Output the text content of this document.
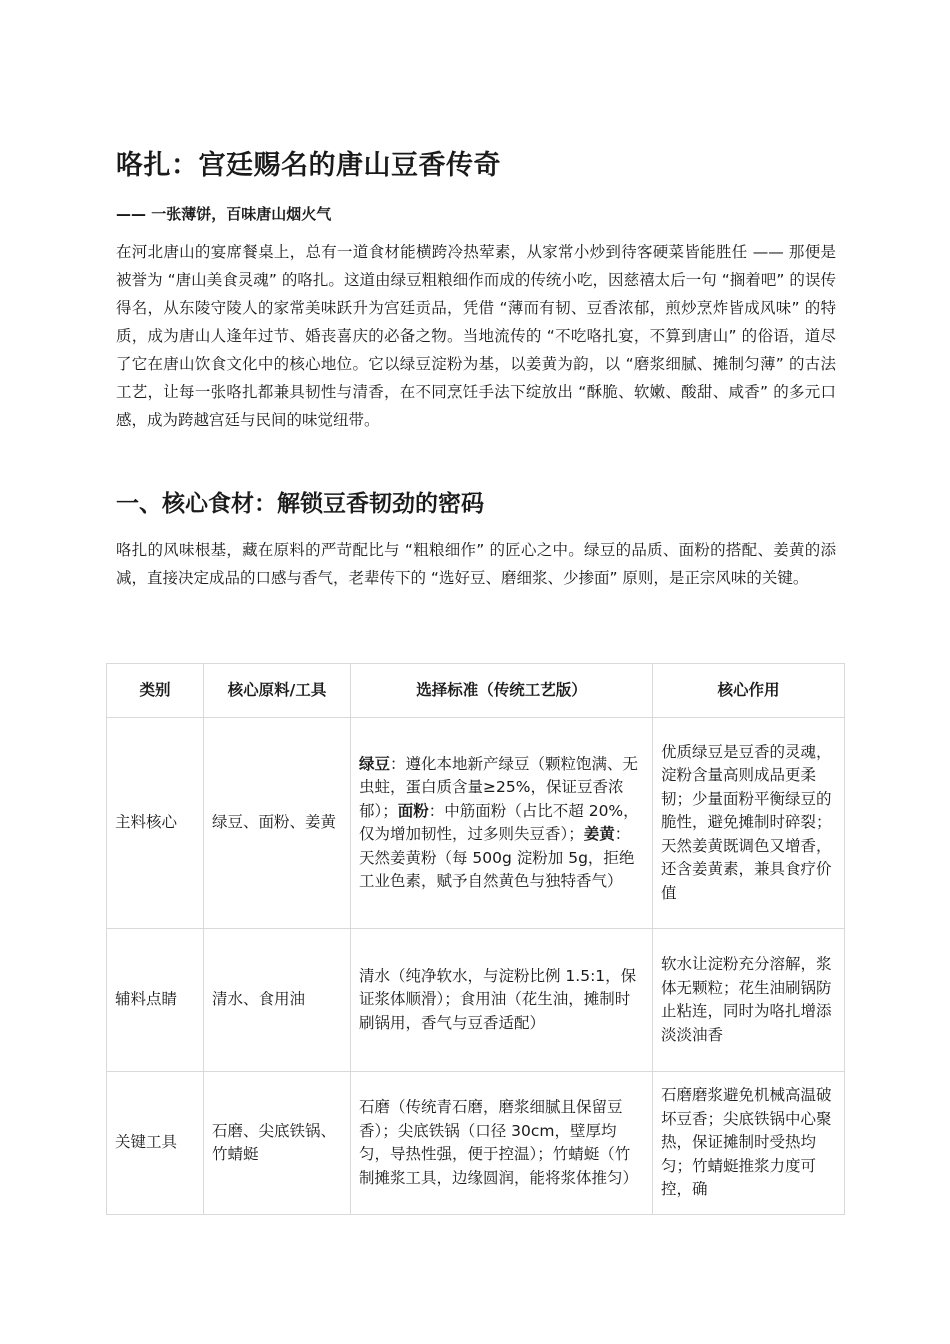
咯扎：宫廷赐名的唐山豆香传奇

—— 一张薄饼，百味唐山烟火气

在河北唐山的宴席餐桌上，总有一道食材能横跨冷热荤素，从家常小炒到待客硬菜皆能胜任 —— 那便是被誉为 “唐山美食灵魂” 的咯扎。这道由绿豆粗粮细作而成的传统小吃，因慈禧太后一句 “搁着吧” 的误传得名，从东陵守陵人的家常美味跃升为宫廷贡品，凭借 “薄而有韧、豆香浓郁，煎炒烹炸皆成风味” 的特质，成为唐山人逢年过节、婚丧喜庆的必备之物。当地流传的 “不吃咯扎宴，不算到唐山” 的俗语，道尽了它在唐山饮食文化中的核心地位。它以绿豆淀粉为基，以姜黄为韵，以 “磨浆细腻、摊制匀薄” 的古法工艺，让每一张咯扎都兼具韧性与清香，在不同烹饪手法下绽放出 “酥脆、软嫩、酸甜、咸香” 的多元口感，成为跨越宫廷与民间的味觉纽带。

一、核心食材：解锁豆香韧劲的密码

咯扎的风味根基，藏在原料的严苛配比与 “粗粮细作” 的匠心之中。绿豆的品质、面粉的搭配、姜黄的添减，直接决定成品的口感与香气，老辈传下的 “选好豆、磨细浆、少掺面” 原则，是正宗风味的关键。

类别	核心原料/工具	选择标准（传统工艺版）	核心作用
主料核心	绿豆、面粉、姜黄	绿豆：遵化本地新产绿豆（颗粒饱满、无虫蛀，蛋白质含量≥25%，保证豆香浓郁）；面粉：中筋面粉（占比不超 20%，仅为增加韧性，过多则失豆香）；姜黄：天然姜黄粉（每 500g 淀粉加 5g，拒绝工业色素，赋予自然黄色与独特香气）	优质绿豆是豆香的灵魂，淀粉含量高则成品更柔韧；少量面粉平衡绿豆的脆性，避免摊制时碎裂；天然姜黄既调色又增香，还含姜黄素，兼具食疗价值
辅料点睛	清水、食用油	清水（纯净软水，与淀粉比例 1.5:1，保证浆体顺滑）；食用油（花生油，摊制时刷锅用，香气与豆香适配）	软水让淀粉充分溶解，浆体无颗粒；花生油刷锅防止粘连，同时为咯扎增添淡淡油香
关键工具	石磨、尖底铁锅、竹蜻蜓	石磨（传统青石磨，磨浆细腻且保留豆香）；尖底铁锅（口径 30cm，壁厚均匀，导热性强，便于控温）；竹蜻蜓（竹制摊浆工具，边缘圆润，能将浆体推匀）	石磨磨浆避免机械高温破坏豆香；尖底铁锅中心聚热，保证摊制时受热均匀；竹蜻蜓推浆力度可控，确
